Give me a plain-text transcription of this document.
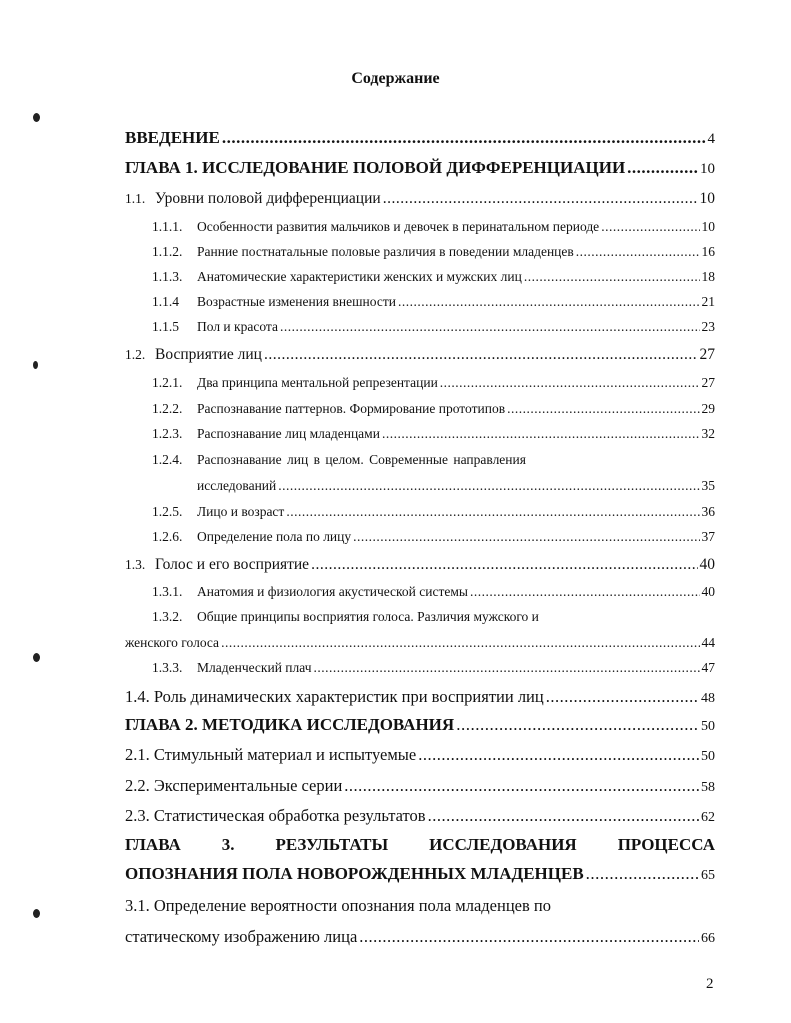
Содержание
ВВЕДЕНИЕ .....	4
ГЛАВА 1. ИССЛЕДОВАНИЕ ПОЛОВОЙ ДИФФЕРЕНЦИАЦИИ .....	10
1.1. Уровни половой дифференциации .....	10
1.1.1. Особенности развития мальчиков и девочек в перинатальном периоде .....	10
1.1.2. Ранние постнатальные половые различия в поведении младенцев .....	16
1.1.3. Анатомические характеристики женских и мужских лиц .....	18
1.1.4 Возрастные изменения внешности .....	21
1.1.5 Пол и красота .....	23
1.2. Восприятие лиц .....	27
1.2.1. Два принципа ментальной репрезентации .....	27
1.2.2. Распознавание паттернов. Формирование прототипов .....	29
1.2.3. Распознавание лиц младенцами .....	32
1.2.4. Распознавание лиц в целом. Современные направления
исследований .....	35
1.2.5. Лицо и возраст .....	36
1.2.6. Определение пола по лицу .....	37
1.3. Голос и его восприятие .....	40
1.3.1. Анатомия и физиология акустической системы .....	40
1.3.2. Общие принципы восприятия голоса. Различия мужского и
женского голоса .....	44
1.3.3. Младенческий плач .....	47
1.4. Роль динамических характеристик при восприятии лиц .....	48
ГЛАВА 2. МЕТОДИКА ИССЛЕДОВАНИЯ .....	50
2.1. Стимульный материал и испытуемые .....	50
2.2. Экспериментальные серии .....	58
2.3. Статистическая обработка результатов .....	62
ГЛАВА 3. РЕЗУЛЬТАТЫ ИССЛЕДОВАНИЯ ПРОЦЕССА
ОПОЗНАНИЯ ПОЛА НОВОРОЖДЕННЫХ МЛАДЕНЦЕВ .....	65
3.1. Определение вероятности опознания пола младенцев по
статическому изображению лица .....	66
2
